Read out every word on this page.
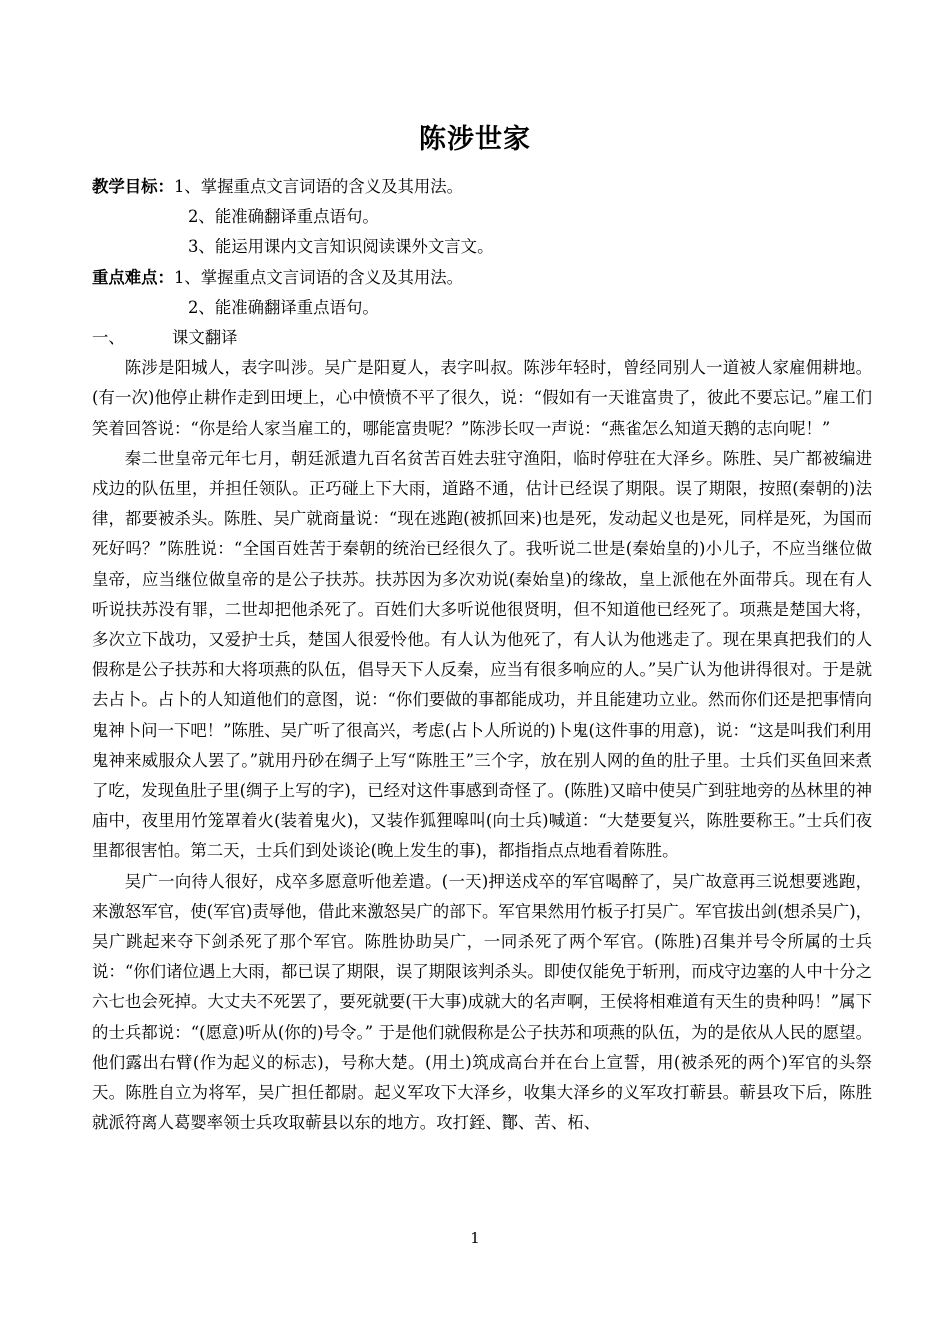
陈涉世家
教学目标：1、掌握重点文言词语的含义及其用法。
2、能准确翻译重点语句。
3、能运用课内文言知识阅读课外文言文。
重点难点：1、掌握重点文言词语的含义及其用法。
2、能准确翻译重点语句。
一、	课文翻译

陈涉是阳城人，表字叫涉。吴广是阳夏人，表字叫叔。陈涉年轻时，曾经同别人一道被人家雇佣耕地。(有一次)他停止耕作走到田埂上，心中愤愤不平了很久，说：“假如有一天谁富贵了，彼此不要忘记。”雇工们笑着回答说：“你是给人家当雇工的，哪能富贵呢？”陈涉长叹一声说：“燕雀怎么知道天鹅的志向呢！”

秦二世皇帝元年七月，朝廷派遣九百名贫苦百姓去驻守渔阳，临时停驻在大泽乡。陈胜、吴广都被编进戍边的队伍里，并担任领队。正巧碰上下大雨，道路不通，估计已经误了期限。误了期限，按照(秦朝的)法律，都要被杀头。陈胜、吴广就商量说：“现在逃跑(被抓回来)也是死，发动起义也是死，同样是死，为国而死好吗？”陈胜说：“全国百姓苦于秦朝的统治已经很久了。我听说二世是(秦始皇的)小儿子，不应当继位做皇帝，应当继位做皇帝的是公子扶苏。扶苏因为多次劝说(秦始皇)的缘故，皇上派他在外面带兵。现在有人听说扶苏没有罪，二世却把他杀死了。百姓们大多听说他很贤明，但不知道他已经死了。项燕是楚国大将，多次立下战功，又爱护士兵，楚国人很爱怜他。有人认为他死了，有人认为他逃走了。现在果真把我们的人假称是公子扶苏和大将项燕的队伍，倡导天下人反秦，应当有很多响应的人。”吴广认为他讲得很对。于是就去占卜。占卜的人知道他们的意图，说：“你们要做的事都能成功，并且能建功立业。然而你们还是把事情向鬼神卜问一下吧！”陈胜、吴广听了很高兴，考虑(占卜人所说的)卜鬼(这件事的用意)，说：“这是叫我们利用鬼神来威服众人罢了。”就用丹砂在绸子上写“陈胜王”三个字，放在别人网的鱼的肚子里。士兵们买鱼回来煮了吃，发现鱼肚子里(绸子上写的字)，已经对这件事感到奇怪了。(陈胜)又暗中使吴广到驻地旁的丛林里的神庙中，夜里用竹笼罩着火(装着鬼火)，又装作狐狸嗥叫(向士兵)喊道：“大楚要复兴，陈胜要称王。”士兵们夜里都很害怕。第二天，士兵们到处谈论(晚上发生的事)，都指指点点地看着陈胜。

吴广一向待人很好，戍卒多愿意听他差遣。(一天)押送戍卒的军官喝醉了，吴广故意再三说想要逃跑，来激怒军官，使(军官)责辱他，借此来激怒吴广的部下。军官果然用竹板子打吴广。军官拔出剑(想杀吴广)，吴广跳起来夺下剑杀死了那个军官。陈胜协助吴广，一同杀死了两个军官。(陈胜)召集并号令所属的士兵说：“你们诸位遇上大雨，都已误了期限，误了期限该判杀头。即使仅能免于斩刑，而戍守边塞的人中十分之六七也会死掉。大丈夫不死罢了，要死就要(干大事)成就大的名声啊，王侯将相难道有天生的贵种吗！”属下的士兵都说：“(愿意)听从(你的)号令。” 于是他们就假称是公子扶苏和项燕的队伍，为的是依从人民的愿望。他们露出右臂(作为起义的标志)，号称大楚。(用土)筑成高台并在台上宣誓，用(被杀死的两个)军官的头祭天。陈胜自立为将军，吴广担任都尉。起义军攻下大泽乡，收集大泽乡的义军攻打蕲县。蕲县攻下后，陈胜就派符离人葛婴率领士兵攻取蕲县以东的地方。攻打銍、酇、苦、柘、

1
